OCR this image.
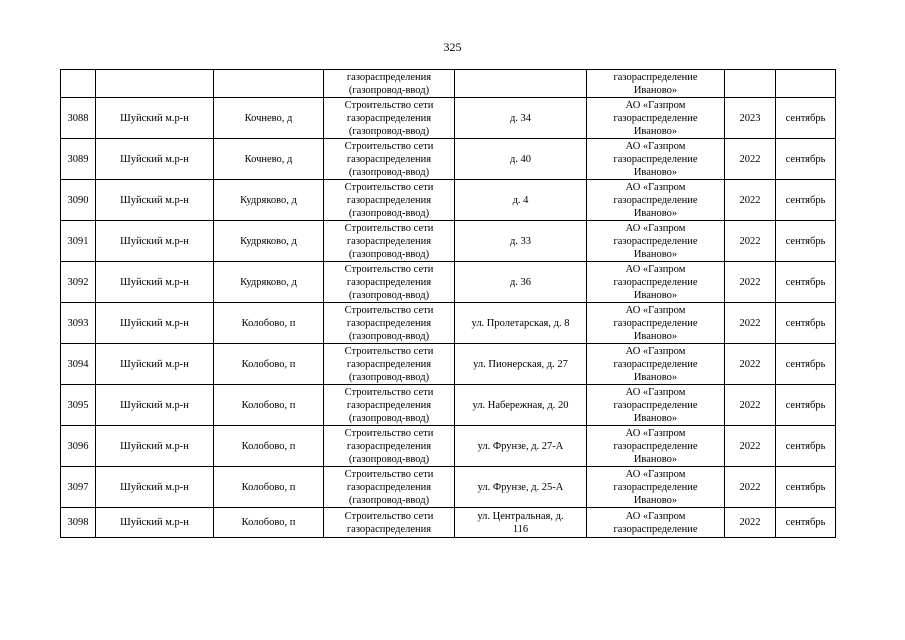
325

			газораспределения
(газопровод-ввод)		газораспределение
Иваново»		

3088	Шуйский м.р-н	Кочнево, д	Строительство сети
газораспределения
(газопровод-ввод)	д. 34	АО «Газпром
газораспределение
Иваново»	2023	сентябрь
3089	Шуйский м.р-н	Кочнево, д	Строительство сети
газораспределения
(газопровод-ввод)	д. 40	АО «Газпром
газораспределение
Иваново»	2022	сентябрь
3090	Шуйский м.р-н	Кудряково, д	Строительство сети
газораспределения
(газопровод-ввод)	д. 4	АО «Газпром
газораспределение
Иваново»	2022	сентябрь
3091	Шуйский м.р-н	Кудряково, д	Строительство сети
газораспределения
(газопровод-ввод)	д. 33	АО «Газпром
газораспределение
Иваново»	2022	сентябрь
3092	Шуйский м.р-н	Кудряково, д	Строительство сети
газораспределения
(газопровод-ввод)	д. 36	АО «Газпром
газораспределение
Иваново»	2022	сентябрь
3093	Шуйский м.р-н	Колобово, п	Строительство сети
газораспределения
(газопровод-ввод)	ул. Пролетарская, д. 8	АО «Газпром
газораспределение
Иваново»	2022	сентябрь
3094	Шуйский м.р-н	Колобово, п	Строительство сети
газораспределения
(газопровод-ввод)	ул. Пионерская, д. 27	АО «Газпром
газораспределение
Иваново»	2022	сентябрь
3095	Шуйский м.р-н	Колобово, п	Строительство сети
газораспределения
(газопровод-ввод)	ул. Набережная, д. 20	АО «Газпром
газораспределение
Иваново»	2022	сентябрь
3096	Шуйский м.р-н	Колобово, п	Строительство сети
газораспределения
(газопровод-ввод)	ул. Фрунзе, д. 27-А	АО «Газпром
газораспределение
Иваново»	2022	сентябрь
3097	Шуйский м.р-н	Колобово, п	Строительство сети
газораспределения
(газопровод-ввод)	ул. Фрунзе, д. 25-А	АО «Газпром
газораспределение
Иваново»	2022	сентябрь
3098	Шуйский м.р-н	Колобово, п	Строительство сети
газораспределения	ул. Центральная, д.
116	АО «Газпром
газораспределение	2022	сентябрь
